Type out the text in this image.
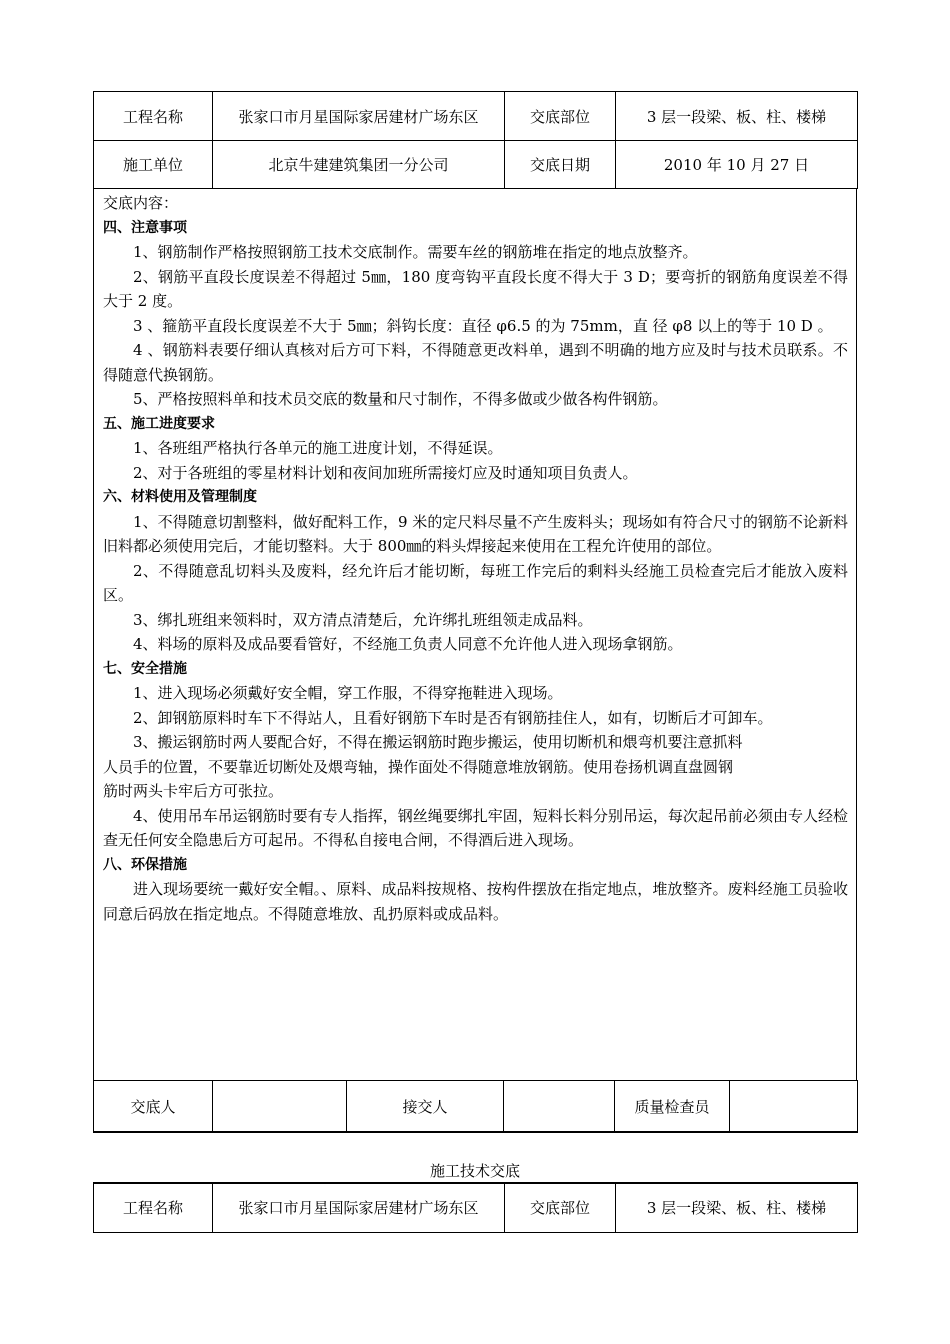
工程名称	张家口市月星国际家居建材广场东区	交底部位	3 层一段梁、板、柱、楼梯
施工单位	北京牛建建筑集团一分公司	交底日期	2010 年 10 月 27 日

交底内容：

四、注意事项

1、钢筋制作严格按照钢筋工技术交底制作。需要车丝的钢筋堆在指定的地点放整齐。

2、钢筋平直段长度误差不得超过 5㎜，180 度弯钩平直段长度不得大于 3 D；要弯折的钢筋角度误差不得大于 2 度。

3 、箍筋平直段长度误差不大于 5㎜；斜钩长度：直径 φ6.5 的为 75mm，直 径 φ8 以上的等于 10 D 。

4 、钢筋料表要仔细认真核对后方可下料，不得随意更改料单，遇到不明确的地方应及时与技术员联系。不得随意代换钢筋。

5、严格按照料单和技术员交底的数量和尺寸制作，不得多做或少做各构件钢筋。

五、施工进度要求

1、各班组严格执行各单元的施工进度计划，不得延误。

2、对于各班组的零星材料计划和夜间加班所需接灯应及时通知项目负责人。

六、材料使用及管理制度

1、不得随意切割整料，做好配料工作，9 米的定尺料尽量不产生废料头；现场如有符合尺寸的钢筋不论新料旧料都必须使用完后，才能切整料。大于 800㎜的料头焊接起来使用在工程允许使用的部位。

2、不得随意乱切料头及废料，经允许后才能切断，每班工作完后的剩料头经施工员检查完后才能放入废料区。

3、绑扎班组来领料时，双方清点清楚后，允许绑扎班组领走成品料。

4、料场的原料及成品要看管好，不经施工负责人同意不允许他人进入现场拿钢筋。

七、安全措施

1、进入现场必须戴好安全帽，穿工作服，不得穿拖鞋进入现场。

2、卸钢筋原料时车下不得站人，且看好钢筋下车时是否有钢筋挂住人，如有，切断后才可卸车。

3、搬运钢筋时两人要配合好，不得在搬运钢筋时跑步搬运，使用切断机和煨弯机要注意抓料

人员手的位置，不要靠近切断处及煨弯轴，操作面处不得随意堆放钢筋。使用卷扬机调直盘圆钢

筋时两头卡牢后方可张拉。

4、使用吊车吊运钢筋时要有专人指挥，钢丝绳要绑扎牢固，短料长料分别吊运，每次起吊前必须由专人经检查无任何安全隐患后方可起吊。不得私自接电合闸，不得酒后进入现场。

八、环保措施

进入现场要统一戴好安全帽。、原料、成品料按规格、按构件摆放在指定地点，堆放整齐。废料经施工员验收同意后码放在指定地点。不得随意堆放、乱扔原料或成品料。

交底人		接交人		质量检查员	
施工技术交底
工程名称	张家口市月星国际家居建材广场东区	交底部位	3 层一段梁、板、柱、楼梯
